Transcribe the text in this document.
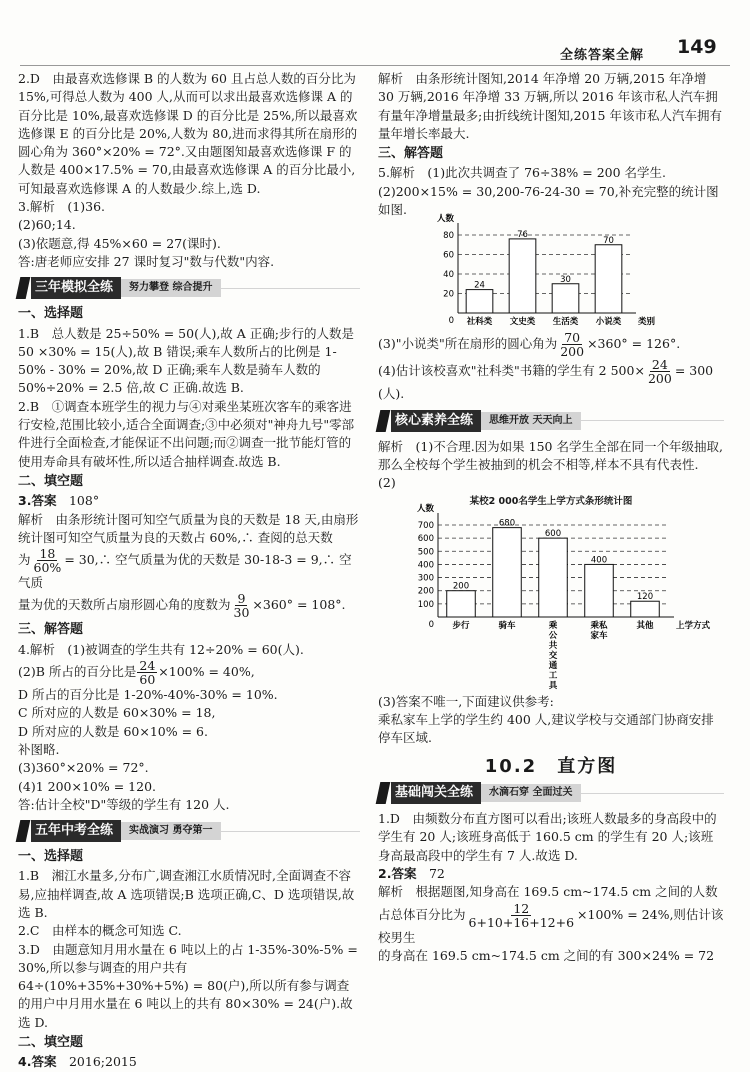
全练答案全解 149

2.D　由最喜欢选修课 B 的人数为 60 且占总人数的百分比为 15%,可得总人数为 400 人,从而可以求出最喜欢选修课 A 的百分比是 10%,最喜欢选修课 D 的百分比是 25%,所以最喜欢选修课 E 的百分比是 20%,人数为 80,进而求得其所在扇形的圆心角为 360°×20% = 72°.又由题图知最喜欢选修课 F 的人数是 400×17.5% = 70,由最喜欢选修课 A 的百分比最小,可知最喜欢选修课 A 的人数最少.综上,选 D.

3.解析　(1)36.
(2)60;14.
(3)依题意,得 45%×60 = 27(课时).
答:唐老师应安排 27 课时复习"数与代数"内容.

三年模拟全练	努力攀登 综合提升
一、选择题

1.B　总人数是 25÷50% = 50(人),故 A 正确;步行的人数是 50 ×30% = 15(人),故 B 错误;乘车人数所占的比例是 1-50% - 30% = 20%,故 D 正确;乘车人数是骑车人数的 50%÷20% = 2.5 倍,故 C 正确.故选 B.

2.B　①调查本班学生的视力与④对乘坐某班次客车的乘客进行安检,范围比较小,适合全面调查;③中必须对"神舟九号"零部件进行全面检查,才能保证不出问题;而②调查一批节能灯管的使用寿命具有破坏性,所以适合抽样调查.故选 B.

二、填空题

3.答案　 108°

解析　由条形统计图可知空气质量为良的天数是 18 天,由扇形统计图可知空气质量为良的天数占 60%,∴ 查阅的总天数

为 $\frac{18}{60\%}$ = 30,∴ 空气质量为优的天数是 30-18-3 = 9,∴ 空气质

量为优的天数所占扇形圆心角的度数为 $\frac{9}{30} \times 360^\circ = 108^\circ$.

三、解答题

4.解析　(1)被调查的学生共有 12÷20% = 60(人).

(2)B 所占的百分比是 $\frac{24}{60} \times 100\% = 40\%$,

D 所占的百分比是 1-20%-40%-30% = 10%.
C 所对应的人数是 60×30% = 18,
D 所对应的人数是 60×10% = 6.
补图略.
(3)360°×20% = 72°.
(4)1 200×10% = 120.
答:估计全校"D"等级的学生有 120 人.

五年中考全练	实战演习 勇夺第一
一、选择题

1.B　湘江水量多,分布广,调查湘江水质情况时,全面调查不容易,应抽样调查,故 A 选项错误;B 选项正确,C、D 选项错误,故选 B.

2.C　由样本的概念可知选 C.

3.D　由题意知月用水量在 6 吨以上的占 1-35%-30%-5% = 30%,所以参与调查的用户共有 64÷(10%+35%+30%+5%) = 80(户),所以所有参与调查的用户中月用水量在 6 吨以上的共有 80×30% = 24(户).故选 D.

二、填空题

4.答案　 2016;2015

解析　由条形统计图知,2014 年净增 20 万辆,2015 年净增 30 万辆,2016 年净增 33 万辆,所以 2016 年该市私人汽车拥有量年净增量最多;由折线统计图知,2015 年该市私人汽车拥有量年增长率最大.

三、解答题

5.解析　(1)此次共调查了 76÷38% = 200 名学生.
(2)200×15% = 30,200-76-24-30 = 70,补充完整的统计图如图.

20
40
60
80
人数
类别
0
24
社科类
76
文史类
30
生活类
70
小说类

(3)"小说类"所在扇形的圆心角为 $\frac{70}{200} \times 360^\circ = 126^\circ$.

(4)估计该校喜欢"社科类"书籍的学生有 2 $500\times \frac{24}{200} = 300$
(人).

核心素养全练	思维开放 天天向上

解析　(1)不合理.因为如果 150 名学生全部在同一个年级抽取,那么全校每个学生被抽到的机会不相等,样本不具有代表性.
(2)

某校2 000名学生上学方式条形统计图
100
200
300
400
500
600
700
人数
上学方式
0
200
步行
680
骑车
600
乘
公
共
交
通
工
具
400
乘私
家车
120
其他

(3)答案不唯一,下面建议供参考:
乘私家车上学的学生约 400 人,建议学校与交通部门协商安排停车区域.

10.2　直方图
基础闯关全练	水滴石穿 全面过关

1.D　由频数分布直方图可以看出;该班人数最多的身高段中的学生有 20 人;该班身高低于 160.5 cm 的学生有 20 人;该班身高最高段中的学生有 7 人.故选 D.

2.答案　 72

解析　根据题图,知身高在 169.5 cm~174.5 cm 之间的人数

占总体百分比为 $\frac{12}{6+10+16+12+6} \times 100\% = 24\%$,则估计该校男生

的身高在 169.5 cm~174.5 cm 之间的有 300×24% = 72
